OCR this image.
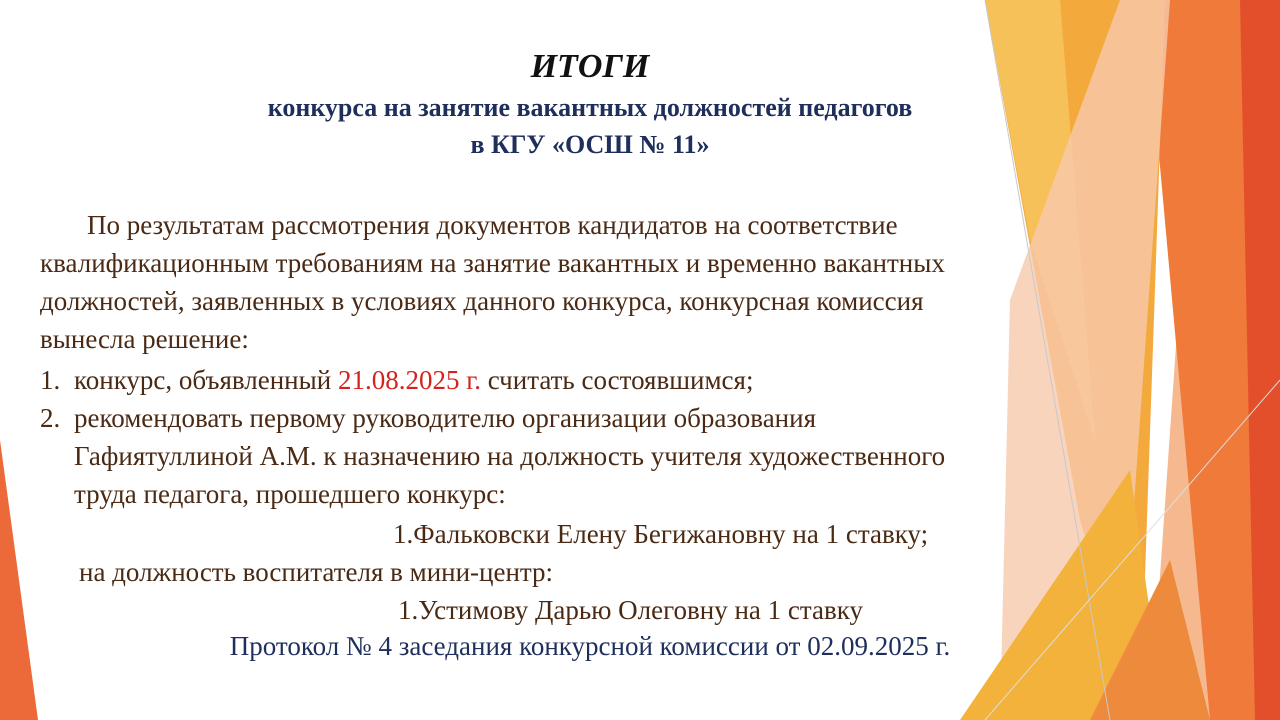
ИТОГИ
конкурса на занятие вакантных должностей педагогов
в КГУ «ОСШ № 11»
По результатам рассмотрения документов кандидатов на соответствие
квалификационным требованиям на занятие вакантных и временно вакантных
должностей, заявленных в условиях данного конкурса, конкурсная комиссия
вынесла решение:
1. конкурс, объявленный 21.08.2025 г. считать состоявшимся;
2. рекомендовать первому руководителю организации образования
Гафиятуллиной А.М. к назначению на должность учителя художественного
труда педагога, прошедшего конкурс:
1.Фальковски Елену Бегижановну на 1 ставку;
на должность воспитателя в мини-центр:
1.Устимову Дарью Олеговну на 1 ставку
Протокол № 4 заседания конкурсной комиссии от 02.09.2025 г.
